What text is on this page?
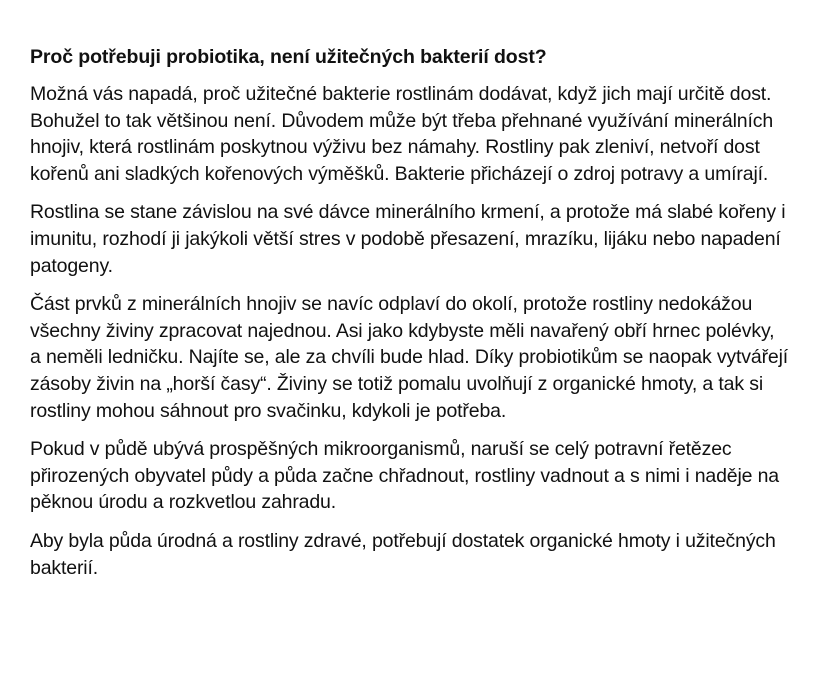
Proč potřebuji probiotika, není užitečných bakterií dost?

Možná vás napadá, proč užitečné bakterie rostlinám dodávat, když jich mají určitě dost. Bohužel to tak většinou není. Důvodem může být třeba přehnané využívání minerálních hnojiv, která rostlinám poskytnou výživu bez námahy. Rostliny pak zleniví, netvoří dost kořenů ani sladkých kořenových výměšků. Bakterie přicházejí o zdroj potravy a umírají.

Rostlina se stane závislou na své dávce minerálního krmení, a protože má slabé kořeny i imunitu, rozhodí ji jakýkoli větší stres v podobě přesazení, mrazíku, lijáku nebo napadení patogeny.

Část prvků z minerálních hnojiv se navíc odplaví do okolí, protože rostliny nedokážou všechny živiny zpracovat najednou. Asi jako kdybyste měli navařený obří hrnec polévky, a neměli ledničku. Najíte se, ale za chvíli bude hlad. Díky probiotikům se naopak vytvářejí zásoby živin na „horší časy“. Živiny se totiž pomalu uvolňují z organické hmoty, a tak si rostliny mohou sáhnout pro svačinku, kdykoli je potřeba.

Pokud v půdě ubývá prospěšných mikroorganismů, naruší se celý potravní řetězec přirozených obyvatel půdy a půda začne chřadnout, rostliny vadnout a s nimi i naděje na pěknou úrodu a rozkvetlou zahradu.

Aby byla půda úrodná a rostliny zdravé, potřebují dostatek organické hmoty i užitečných bakterií.
